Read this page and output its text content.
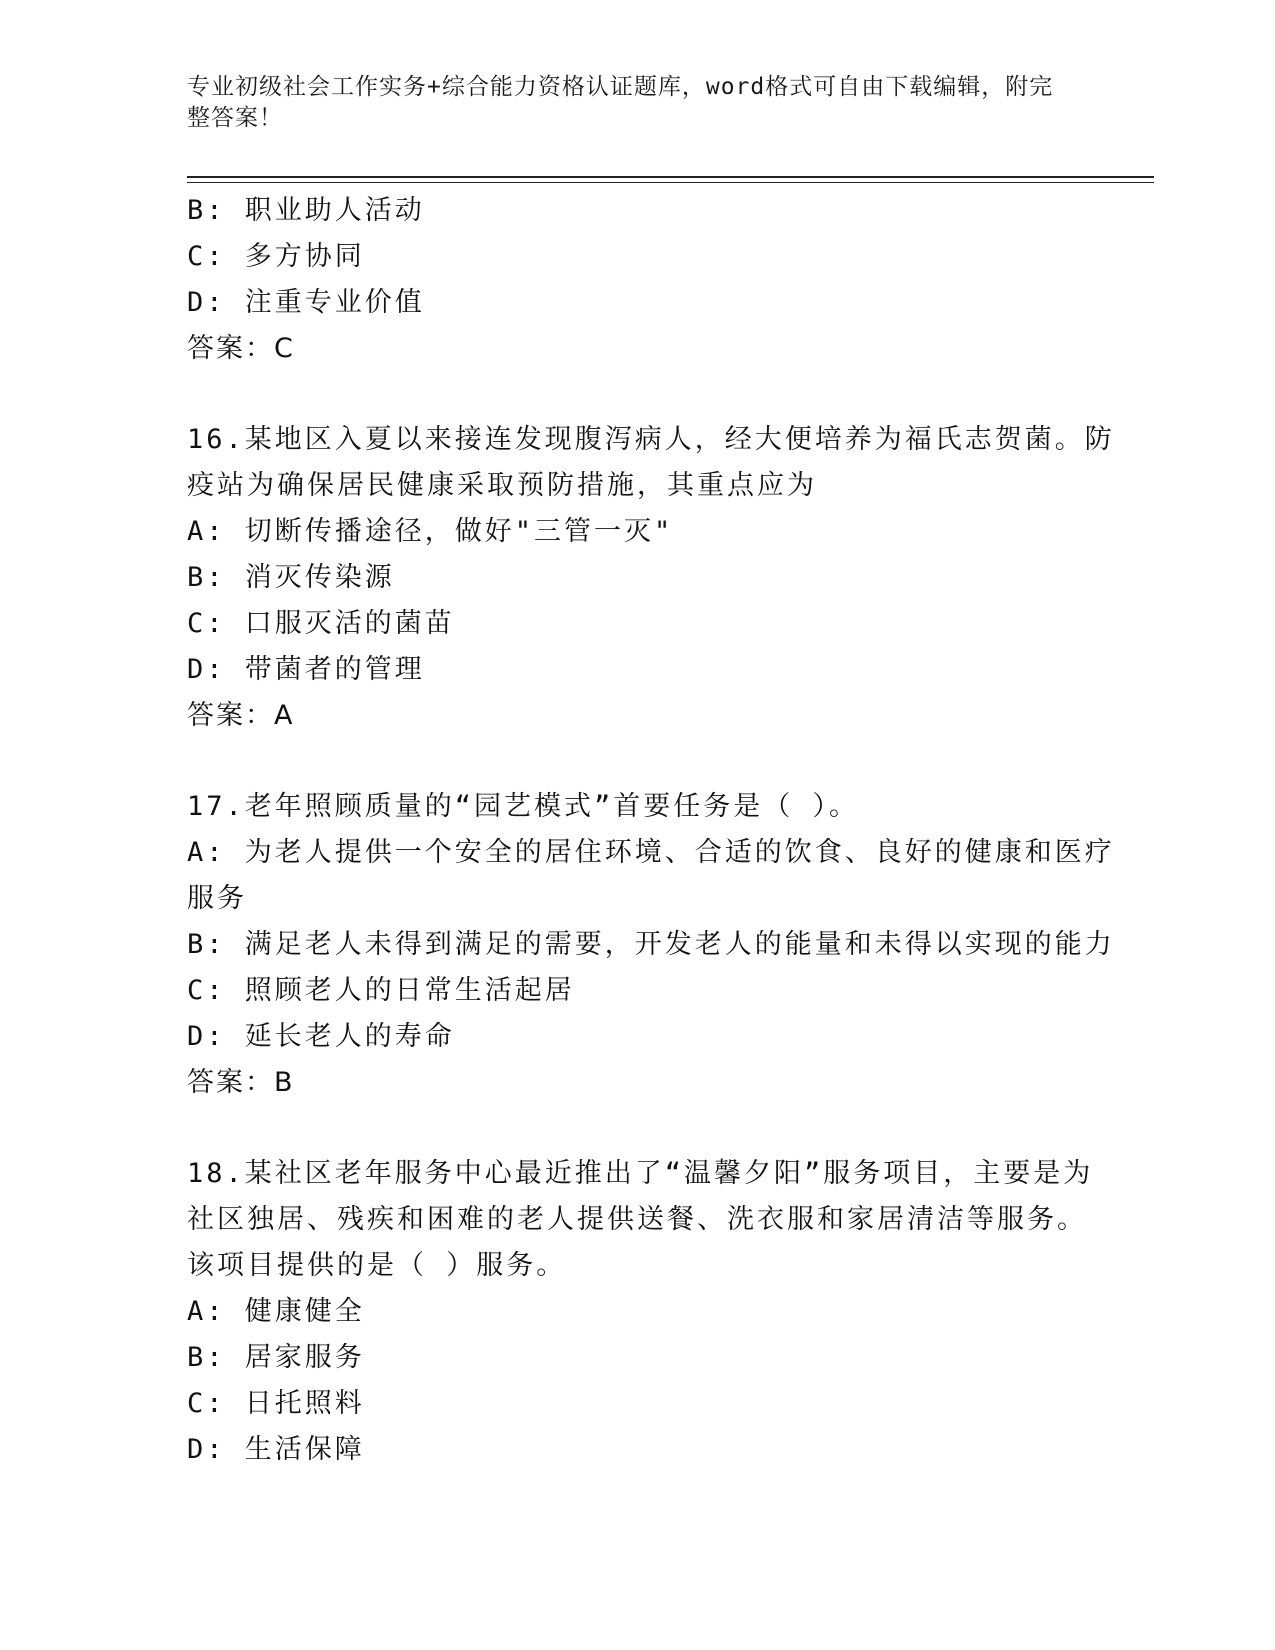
专业初级社会工作实务+综合能力资格认证题库，word格式可自由下载编辑，附完
整答案！
B: 职业助人活动
C: 多方协同
D: 注重专业价值
答案：C
16.某地区入夏以来接连发现腹泻病人，经大便培养为福氏志贺菌。防
疫站为确保居民健康采取预防措施，其重点应为
A: 切断传播途径，做好"三管一灭"
B: 消灭传染源
C: 口服灭活的菌苗
D: 带菌者的管理
答案：A
17.老年照顾质量的“园艺模式”首要任务是（ ）。
A: 为老人提供一个安全的居住环境、合适的饮食、良好的健康和医疗
服务
B: 满足老人未得到满足的需要，开发老人的能量和未得以实现的能力
C: 照顾老人的日常生活起居
D: 延长老人的寿命
答案：B
18.某社区老年服务中心最近推出了“温馨夕阳”服务项目，主要是为
社区独居、残疾和困难的老人提供送餐、洗衣服和家居清洁等服务。
该项目提供的是（ ）服务。
A: 健康健全
B: 居家服务
C: 日托照料
D: 生活保障
